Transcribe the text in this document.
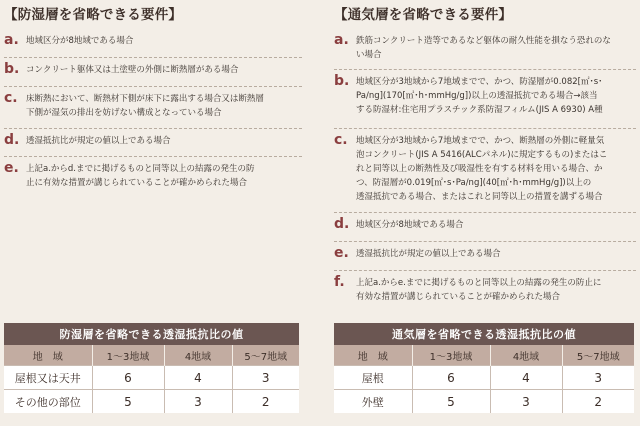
【防湿層を省略できる要件】
a. 地域区分が8地域である場合
b. コンクリート躯体又は土塗壁の外側に断熱層がある場合
c. 床断熱において、断熱材下側が床下に露出する場合又は断熱層
下側が湿気の排出を妨げない構成となっている場合
d. 透湿抵抗比が規定の値以上である場合
e. 上記a.からd.までに掲げるものと同等以上の結露の発生の防
止に有効な措置が講じられていることが確かめられた場合
【通気層を省略できる要件】
a. 鉄筋コンクリート造等であるなど躯体の耐久性能を損なう恐れのな
い場合
b. 地域区分が3地域から7地域までで、かつ、防湿層が0.082[㎡･s･
Pa/ng](170[㎡･h･mmHg/g])以上の透湿抵抗である場合→該当
する防湿材:住宅用プラスチック系防湿フィルム(JIS A 6930) A種
c. 地域区分が3地域から7地域までで、かつ、断熱層の外側に軽量気
泡コンクリート(JIS A 5416(ALCパネル)に規定するもの)またはこ
れと同等以上の断熱性及び吸湿性を有する材料を用いる場合、か
つ、防湿層が0.019[㎡･s･Pa/ng](40[㎡･h･mmHg/g])以上の
透湿抵抗である場合、またはこれと同等以上の措置を講ずる場合
d. 地域区分が8地域である場合
e. 透湿抵抗比が規定の値以上である場合
f.	上記a.からe.までに掲げるものと同等以上の結露の発生の防止に
有効な措置が講じられていることが確かめられた場合
防湿層を省略できる透湿抵抗比の値			
地　域	1〜3地域	4地域	5〜7地域
屋根又は天井	6	4	3
その他の部位	5	3	2
通気層を省略できる透湿抵抗比の値			
地　域	1〜3地域	4地域	5〜7地域
屋根	6	4	3
外壁	5	3	2
